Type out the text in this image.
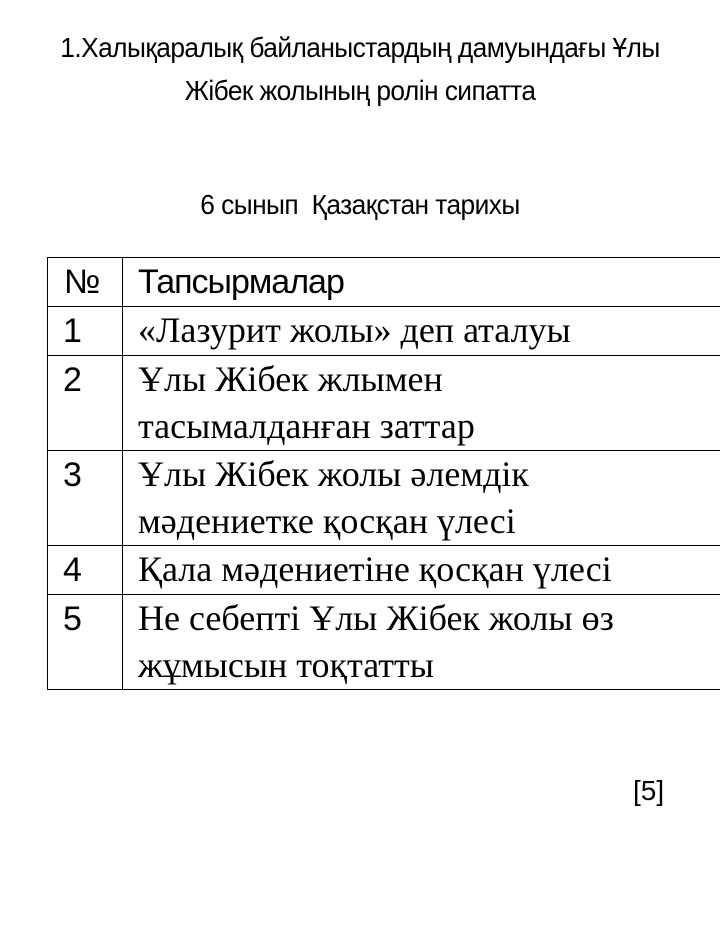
1.Халықаралық байланыстардың дамуындағы Ұлы Жібек жолының ролін сипатта
6 сынып  Қазақстан тарихы
№	Тапсырмалар
1	«Лазурит жолы» деп аталуы

2	Ұлы Жібек жлымен
тасымалданған заттар

3	Ұлы Жібек жолы әлемдік
мәдениетке қосқан үлесі

4	Қала мәдениетіне қосқан үлесі

5	Не себепті Ұлы Жібек жолы өз
жұмысын тоқтатты
[5]
